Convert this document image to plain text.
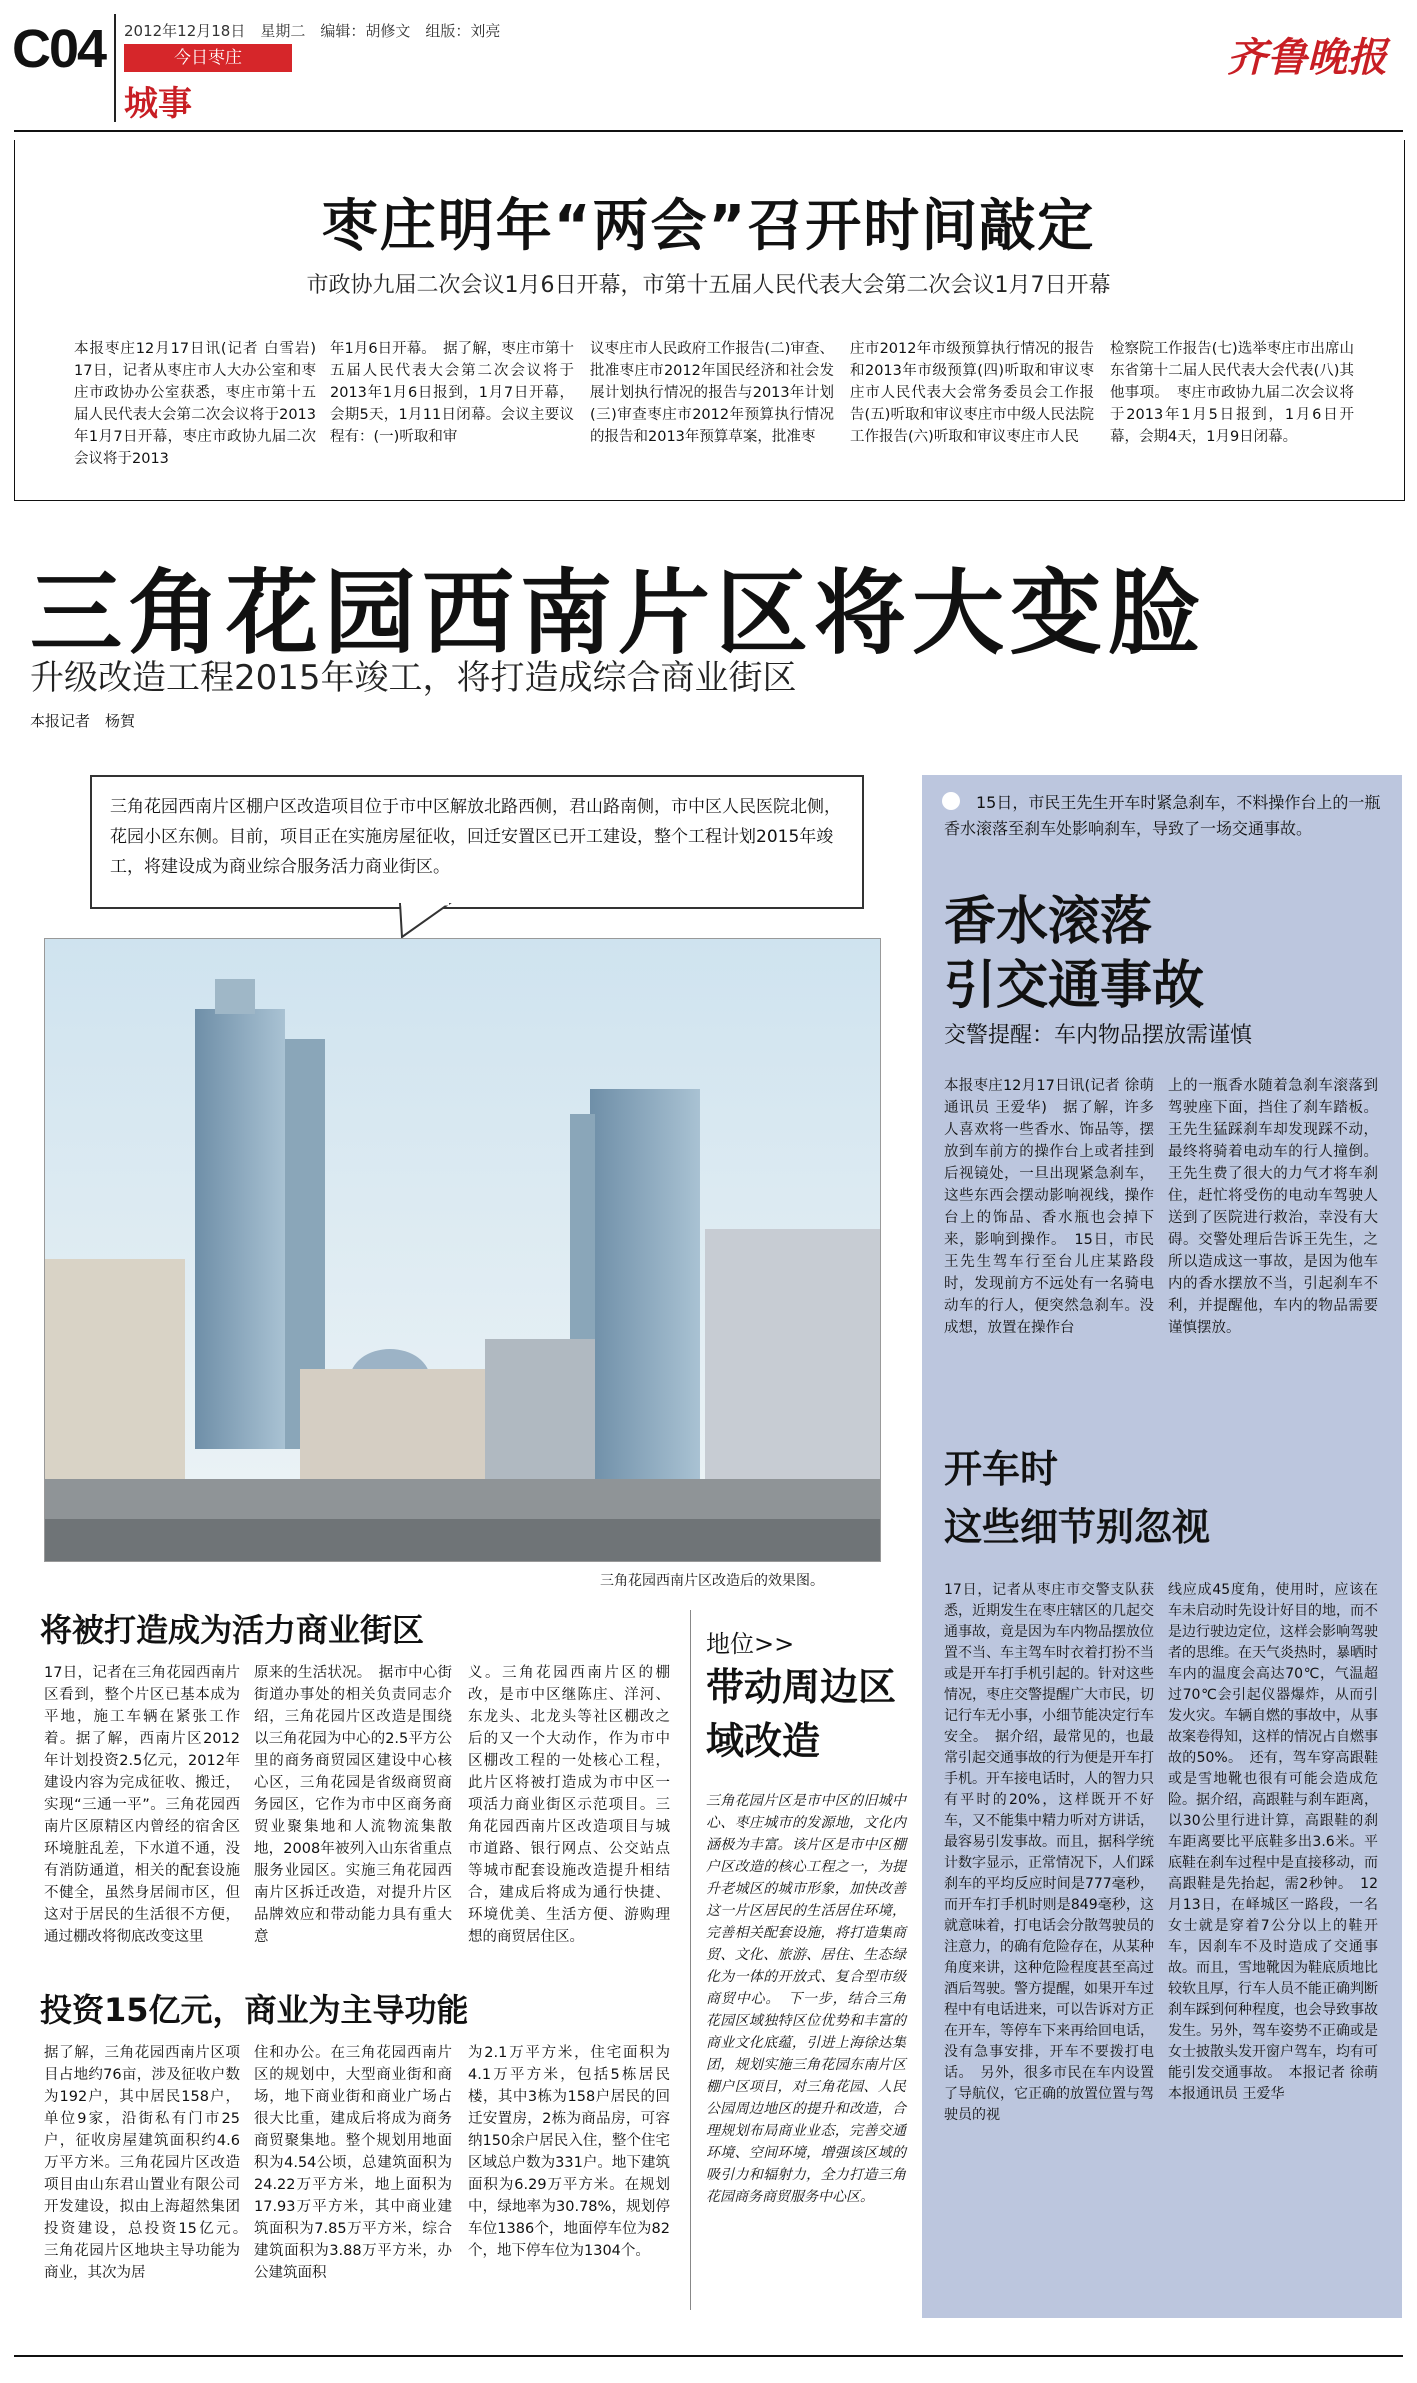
C04 2012年12月18日　星期二　编辑：胡修文　组版：刘亮
今日枣庄
城事
齐鲁晚报
枣庄明年“两会”召开时间敲定
市政协九届二次会议1月6日开幕，市第十五届人民代表大会第二次会议1月7日开幕
本报枣庄12月17日讯(记者 白雪岩)　17日，记者从枣庄市人大办公室和枣庄市政协办公室获悉，枣庄市第十五届人民代表大会第二次会议将于2013年1月7日开幕，枣庄市政协九届二次会议将于2013
年1月6日开幕。　据了解，枣庄市第十五届人民代表大会第二次会议将于2013年1月6日报到，1月7日开幕，会期5天，1月11日闭幕。会议主要议程有：(一)听取和审
议枣庄市人民政府工作报告(二)审查、批准枣庄市2012年国民经济和社会发展计划执行情况的报告与2013年计划(三)审查枣庄市2012年预算执行情况的报告和2013年预算草案，批准枣
庄市2012年市级预算执行情况的报告和2013年市级预算(四)听取和审议枣庄市人民代表大会常务委员会工作报告(五)听取和审议枣庄市中级人民法院工作报告(六)听取和审议枣庄市人民
检察院工作报告(七)选举枣庄市出席山东省第十二届人民代表大会代表(八)其他事项。　枣庄市政协九届二次会议将于2013年1月5日报到，1月6日开幕，会期4天，1月9日闭幕。
三角花园西南片区将大变脸
升级改造工程2015年竣工，将打造成综合商业街区
本报记者　杨賀
三角花园西南片区棚户区改造项目位于市中区解放北路西侧，君山路南侧，市中区人民医院北侧，花园小区东侧。目前，项目正在实施房屋征收，回迁安置区已开工建设，整个工程计划2015年竣工，将建设成为商业综合服务活力商业街区。
三角花园西南片区改造后的效果图。
将被打造成为活力商业街区
17日，记者在三角花园西南片区看到，整个片区已基本成为平地，施工车辆在紧张工作着。据了解，西南片区2012年计划投资2.5亿元，2012年建设内容为完成征收、搬迁，实现“三通一平”。三角花园西南片区原精区内曾经的宿舍区环境脏乱差，下水道不通，没有消防通道，相关的配套设施不健全，虽然身居闹市区，但这对于居民的生活很不方便，通过棚改将彻底改变这里
原来的生活状况。　据市中心街街道办事处的相关负责同志介绍，三角花园片区改造是围绕以三角花园为中心的2.5平方公里的商务商贸园区建设中心核心区，三角花园是省级商贸商务园区，它作为市中区商务商贸业聚集地和人流物流集散地，2008年被列入山东省重点服务业园区。实施三角花园西南片区拆迁改造，对提升片区品牌效应和带动能力具有重大意
义。三角花园西南片区的棚改，是市中区继陈庄、洋河、东龙头、北龙头等社区棚改之后的又一个大动作，作为市中区棚改工程的一处核心工程，此片区将被打造成为市中区一项活力商业街区示范项目。三角花园西南片区改造项目与城市道路、银行网点、公交站点等城市配套设施改造提升相结合，建成后将成为通行快捷、环境优美、生活方便、游购理想的商贸居住区。
投资15亿元，商业为主导功能
据了解，三角花园西南片区项目占地约76亩，涉及征收户数为192户，其中居民158户，单位9家，沿街私有门市25户，征收房屋建筑面积约4.6万平方米。三角花园片区改造项目由山东君山置业有限公司开发建设，拟由上海超然集团投资建设，总投资15亿元。　三角花园片区地块主导功能为商业，其次为居
住和办公。在三角花园西南片区的规划中，大型商业街和商场，地下商业街和商业广场占很大比重，建成后将成为商务商贸聚集地。整个规划用地面积为4.54公顷，总建筑面积为24.22万平方米，地上面积为17.93万平方米，其中商业建筑面积为7.85万平方米，综合建筑面积为3.88万平方米，办公建筑面积
为2.1万平方米，住宅面积为4.1万平方米，包括5栋居民楼，其中3栋为158户居民的回迁安置房，2栋为商品房，可容纳150余户居民入住，整个住宅区域总户数为331户。地下建筑面积为6.29万平方米。在规划中，绿地率为30.78%，规划停车位1386个，地面停车位为82个，地下停车位为1304个。
地位>>
带动周边区域改造
三角花园片区是市中区的旧城中心、枣庄城市的发源地，文化内涵极为丰富。该片区是市中区棚户区改造的核心工程之一，为提升老城区的城市形象，加快改善这一片区居民的生活居住环境，完善相关配套设施，将打造集商贸、文化、旅游、居住、生态绿化为一体的开放式、复合型市级商贸中心。　下一步，结合三角花园区域独特区位优势和丰富的商业文化底蕴，引进上海徐达集团，规划实施三角花园东南片区棚户区项目，对三角花园、人民公园周边地区的提升和改造，合理规划布局商业业态，完善交通环境、空间环境，增强该区域的吸引力和辐射力，全力打造三角花园商务商贸服务中心区。
15日，市民王先生开车时紧急刹车，不料操作台上的一瓶香水滚落至刹车处影响刹车，导致了一场交通事故。
香水滚落
引交通事故
交警提醒：车内物品摆放需谨慎
本报枣庄12月17日讯(记者 徐萌 通讯员 王爱华)　据了解，许多人喜欢将一些香水、饰品等，摆放到车前方的操作台上或者挂到后视镜处，一旦出现紧急刹车，这些东西会摆动影响视线，操作台上的饰品、香水瓶也会掉下来，影响到操作。　15日，市民王先生驾车行至台儿庄某路段时，发现前方不远处有一名骑电动车的行人，便突然急刹车。没成想，放置在操作台
上的一瓶香水随着急刹车滚落到驾驶座下面，挡住了刹车踏板。王先生猛踩刹车却发现踩不动，最终将骑着电动车的行人撞倒。王先生费了很大的力气才将车刹住，赶忙将受伤的电动车驾驶人送到了医院进行救治，幸没有大碍。交警处理后告诉王先生，之所以造成这一事故，是因为他车内的香水摆放不当，引起刹车不利，并提醒他，车内的物品需要谨慎摆放。
开车时
这些细节别忽视
17日，记者从枣庄市交警支队获悉，近期发生在枣庄辖区的几起交通事故，竟是因为车内物品摆放位置不当、车主驾车时衣着打扮不当或是开车打手机引起的。针对这些情况，枣庄交警提醒广大市民，切记行车无小事，小细节能决定行车安全。　据介绍，最常见的，也最常引起交通事故的行为便是开车打手机。开车接电话时，人的智力只有平时的20%，这样既开不好车，又不能集中精力听对方讲话，最容易引发事故。而且，据科学统计数字显示，正常情况下，人们踩刹车的平均反应时间是777毫秒，而开车打手机时则是849毫秒，这就意味着，打电话会分散驾驶员的注意力，的确有危险存在，从某种角度来讲，这种危险程度甚至高过酒后驾驶。警方提醒，如果开车过程中有电话进来，可以告诉对方正在开车，等停车下来再给回电话，没有急事安排，开车不要拨打电话。　另外，很多市民在车内设置了导航仪，它正确的放置位置与驾驶员的视
线应成45度角，使用时，应该在车未启动时先设计好目的地，而不是边行驶边定位，这样会影响驾驶者的思维。在天气炎热时，暴晒时车内的温度会高达70℃，气温超过70℃会引起仪器爆炸，从而引发火灾。车辆自燃的事故中，从事故案卷得知，这样的情况占自燃事故的50%。　还有，驾车穿高跟鞋或是雪地靴也很有可能会造成危险。据介绍，高跟鞋与刹车距离，以30公里行进计算，高跟鞋的刹车距离要比平底鞋多出3.6米。平底鞋在刹车过程中是直接移动，而高跟鞋是先抬起，需2秒钟。　12月13日，在峄城区一路段，一名女士就是穿着7公分以上的鞋开车，因刹车不及时造成了交通事故。而且，雪地靴因为鞋底质地比较软且厚，行车人员不能正确判断刹车踩到何种程度，也会导致事故发生。另外，驾车姿势不正确或是女士披散头发开窗户驾车，均有可能引发交通事故。　本报记者 徐萌 本报通讯员 王爱华
